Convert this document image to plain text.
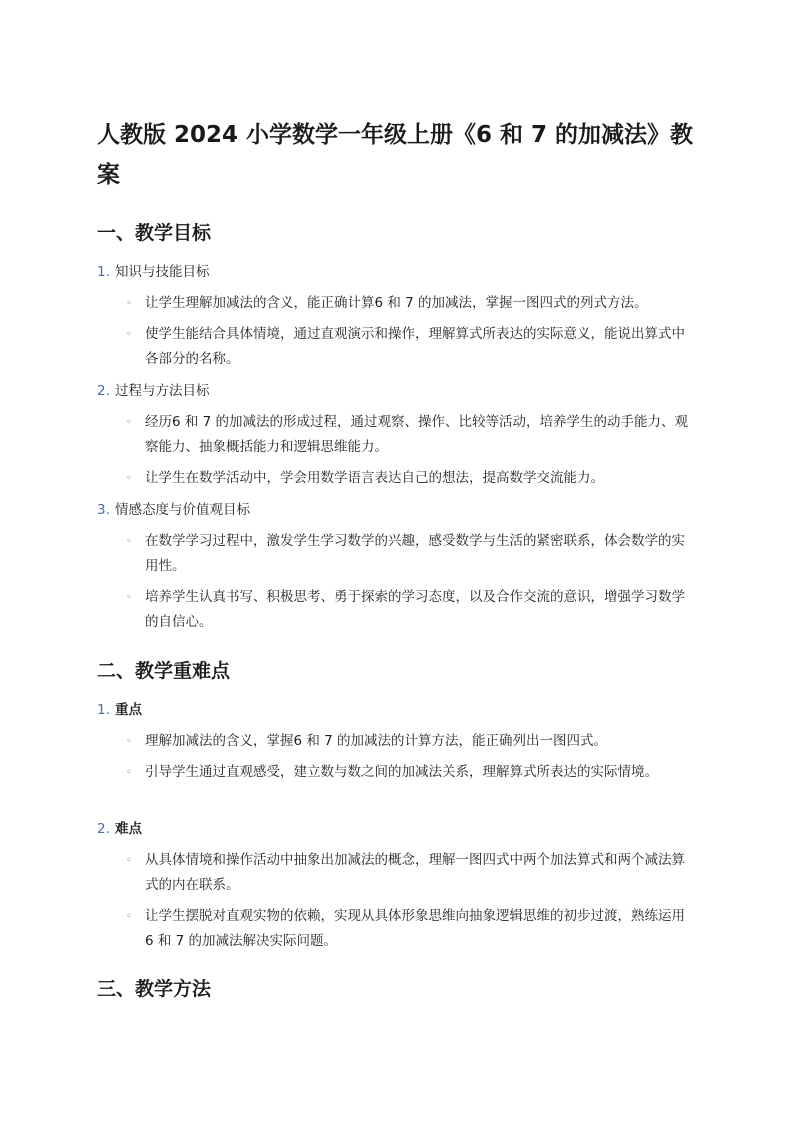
人教版 2024 小学数学一年级上册《6 和 7 的加减法》教案
一、教学目标
1. 知识与技能目标
◦ 让学生理解加减法的含义，能正确计算6 和 7 的加减法，掌握一图四式的列式方法。
◦ 使学生能结合具体情境，通过直观演示和操作，理解算式所表达的实际意义，能说出算式中各部分的名称。
2. 过程与方法目标
◦ 经历6 和 7 的加减法的形成过程，通过观察、操作、比较等活动，培养学生的动手能力、观察能力、抽象概括能力和逻辑思维能力。
◦ 让学生在数学活动中，学会用数学语言表达自己的想法，提高数学交流能力。
3. 情感态度与价值观目标
◦ 在数学学习过程中，激发学生学习数学的兴趣，感受数学与生活的紧密联系，体会数学的实用性。
◦ 培养学生认真书写、积极思考、勇于探索的学习态度，以及合作交流的意识，增强学习数学的自信心。
二、教学重难点
1. 重点
◦ 理解加减法的含义，掌握6 和 7 的加减法的计算方法，能正确列出一图四式。
◦ 引导学生通过直观感受，建立数与数之间的加减法关系，理解算式所表达的实际情境。
2. 难点
◦ 从具体情境和操作活动中抽象出加减法的概念，理解一图四式中两个加法算式和两个减法算式的内在联系。
◦ 让学生摆脱对直观实物的依赖，实现从具体形象思维向抽象逻辑思维的初步过渡，熟练运用 6 和 7 的加减法解决实际问题。
三、教学方法
